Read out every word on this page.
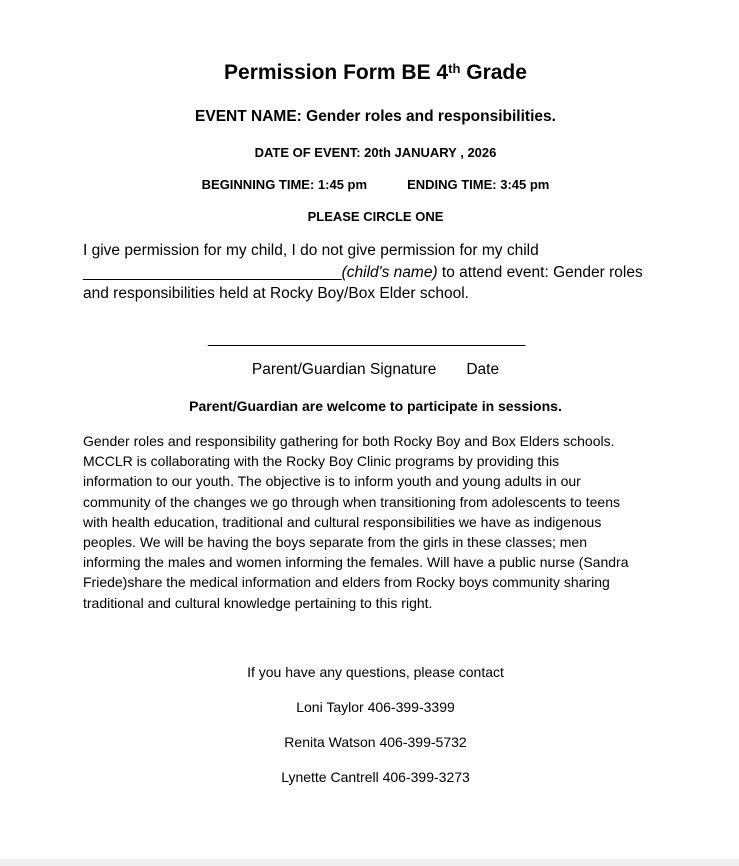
Permission Form BE 4th Grade
EVENT NAME: Gender roles and responsibilities.
DATE OF EVENT: 20th JANUARY , 2026
BEGINNING TIME: 1:45 pm	ENDING TIME: 3:45 pm
PLEASE CIRCLE ONE
I give permission for my child, I do not give permission for my child
______________________________(child's name) to attend event: Gender roles
and responsibilities held at Rocky Boy/Box Elder school.
_______________________________________
Parent/Guardian Signature Date
Parent/Guardian are welcome to participate in sessions.
Gender roles and responsibility gathering for both Rocky Boy and Box Elders schools.
MCCLR is collaborating with the Rocky Boy Clinic programs by providing this
information to our youth. The objective is to inform youth and young adults in our
community of the changes we go through when transitioning from adolescents to teens
with health education, traditional and cultural responsibilities we have as indigenous
peoples. We will be having the boys separate from the girls in these classes; men
informing the males and women informing the females. Will have a public nurse (Sandra
Friede)share the medical information and elders from Rocky boys community sharing
traditional and cultural knowledge pertaining to this right.
If you have any questions, please contact
Loni Taylor 406-399-3399
Renita Watson 406-399-5732
Lynette Cantrell 406-399-3273
